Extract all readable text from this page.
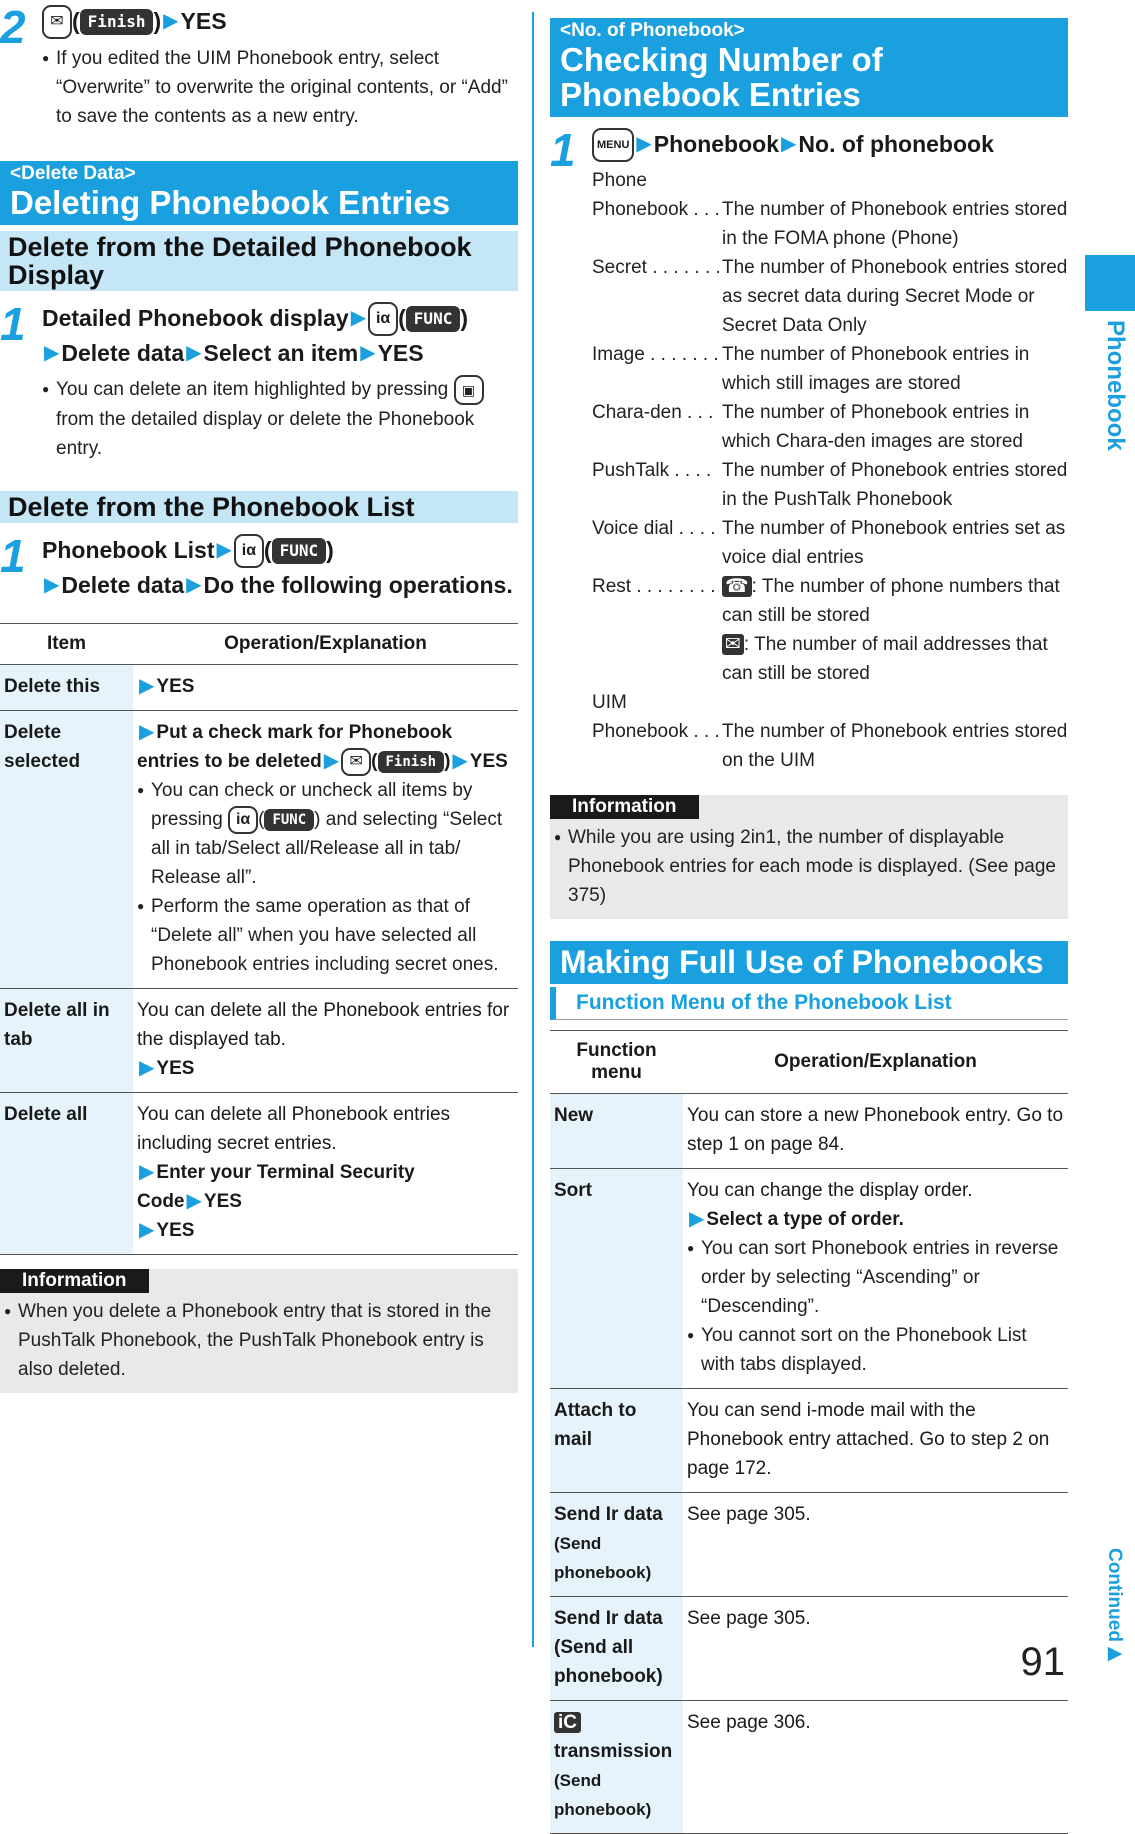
2	✉ ( Finish ) ▶ YES
● If you edited the UIM Phonebook entry, select “Overwrite” to overwrite the original contents, or “Add” to save the contents as a new entry.
<Delete Data>
Deleting Phonebook Entries
Delete from the Detailed Phonebook Display
1 Detailed Phonebook display ▶ iα ( FUNC )
▶ Delete data ▶ Select an item ▶ YES
● You can delete an item highlighted by pressing ▣ from the detailed display or delete the Phonebook entry.
Delete from the Phonebook List
1 Phonebook List ▶ iα ( FUNC )
▶ Delete data ▶ Do the following operations.
Item	Operation/Explanation
Delete this	▶ YES
Delete selected	▶ Put a check mark for Phonebook entries to be deleted ▶ ✉ ( Finish ) ▶ YES
● You can check or uncheck all items by pressing iα ( FUNC ) and selecting “Select all in tab/Select all/Release all in tab/ Release all”.
● Perform the same operation as that of “Delete all” when you have selected all Phonebook entries including secret ones.

Delete all in tab	You can delete all the Phonebook entries for the displayed tab.
▶ YES
Delete all	You can delete all Phonebook entries including secret entries.
▶ Enter your Terminal Security Code ▶ YES
▶ YES
Information
● When you delete a Phonebook entry that is stored in the PushTalk Phonebook, the PushTalk Phonebook entry is also deleted.
<No. of Phonebook>
Checking Number of Phonebook Entries
1	MENU ▶ Phonebook ▶ No. of phonebook
Phone
Phonebook . . . The number of Phonebook entries stored in the FOMA phone (Phone)
Secret . . . . . . . The number of Phonebook entries stored as secret data during Secret Mode or Secret Data Only
Image . . . . . . . The number of Phonebook entries in which still images are stored
Chara-den . . . The number of Phonebook entries in which Chara-den images are stored
PushTalk . . . . The number of Phonebook entries stored in the PushTalk Phonebook
Voice dial . . . . The number of Phonebook entries set as voice dial entries
Rest . . . . . . . . ☎ : The number of phone numbers that can still be stored
✉ : The number of mail addresses that can still be stored
UIM
Phonebook . . . The number of Phonebook entries stored on the UIM
Information
● While you are using 2in1, the number of displayable Phonebook entries for each mode is displayed. (See page 375)
Making Full Use of Phonebooks
Function Menu of the Phonebook List
Function menu	Operation/Explanation
New	You can store a new Phonebook entry. Go to step 1 on page 84.
Sort	You can change the display order.
▶ Select a type of order.
● You can sort Phonebook entries in reverse order by selecting “Ascending” or “Descending”.
● You cannot sort on the Phonebook List with tabs displayed.

Attach to mail	You can send i-mode mail with the Phonebook entry attached. Go to step 2 on page 172.
Send Ir data
(Send phonebook)	See page 305.
Send Ir data (Send all phonebook)	See page 305.
iС
transmission
(Send phonebook)	See page 306.
Phonebook
Continued▶
91
